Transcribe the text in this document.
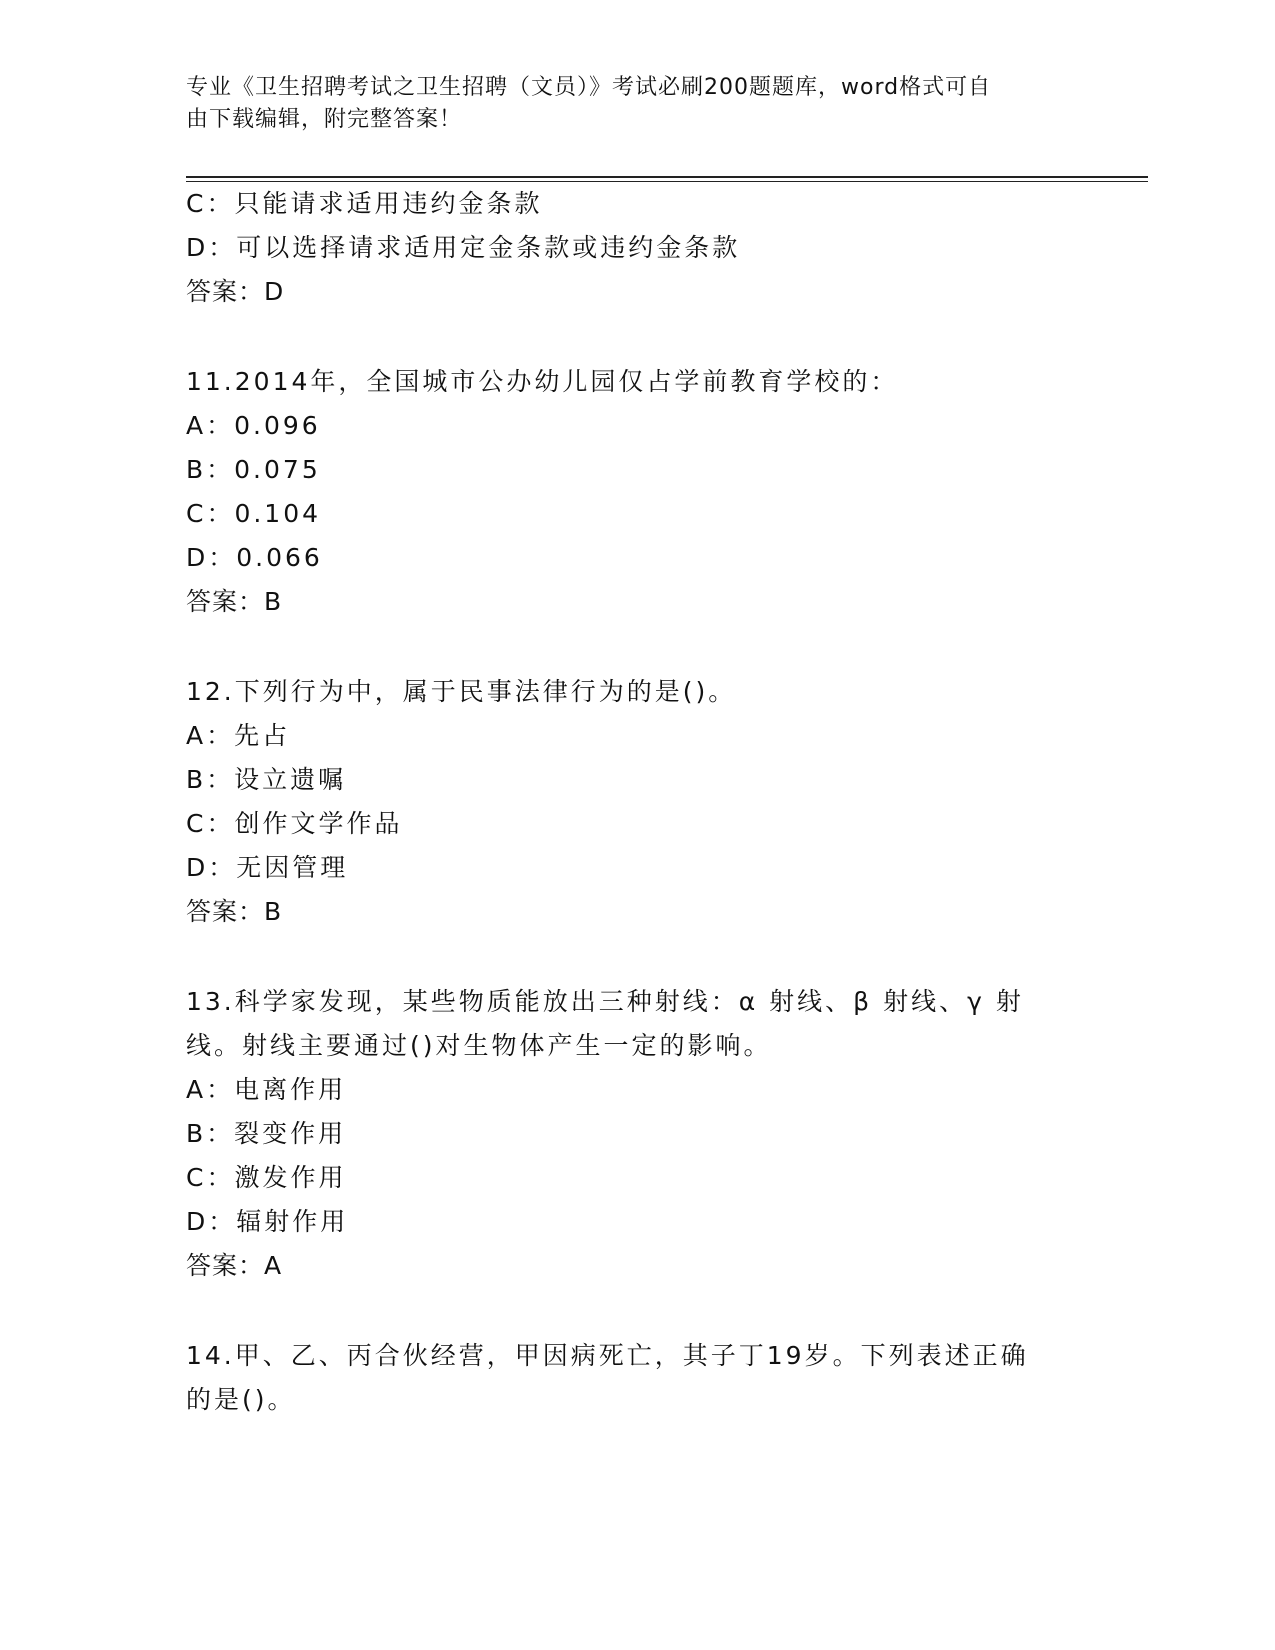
专业《卫生招聘考试之卫生招聘（文员）》考试必刷200题题库，word格式可自
由下载编辑，附完整答案！
C：只能请求适用违约金条款
D：可以选择请求适用定金条款或违约金条款
答案：D
11.2014年，全国城市公办幼儿园仅占学前教育学校的：
A：0.096
B：0.075
C：0.104
D：0.066
答案：B
12.下列行为中，属于民事法律行为的是()。
A：先占
B：设立遗嘱
C：创作文学作品
D：无因管理
答案：B
13.科学家发现，某些物质能放出三种射线：α 射线、β 射线、γ 射
线。射线主要通过()对生物体产生一定的影响。
A：电离作用
B：裂变作用
C：激发作用
D：辐射作用
答案：A
14.甲、乙、丙合伙经营，甲因病死亡，其子丁19岁。下列表述正确
的是()。
